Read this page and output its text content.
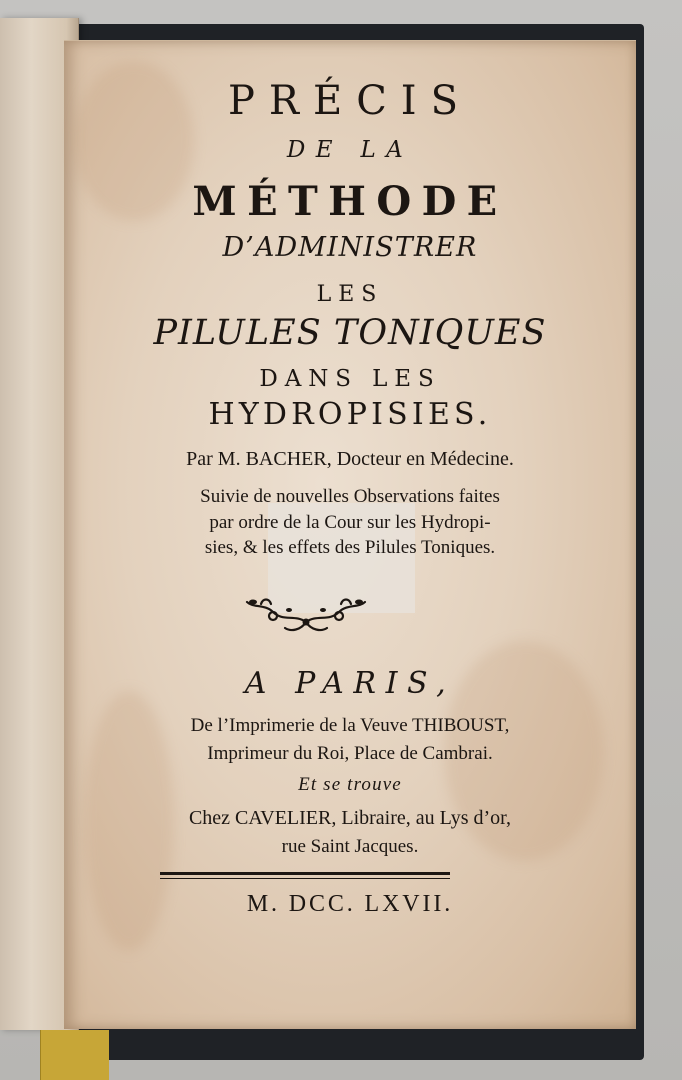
PRÉCIS
DE LA
MÉTHODE
D’ADMINISTRER
LES
PILULES TONIQUES
DANS LES
HYDROPISIES.
Par M. BACHER, Docteur en Médecine.
Suivie de nouvelles Observations faites
par ordre de la Cour sur les Hydropi-
sies, & les effets des Pilules Toniques.
A PARIS,
De l’Imprimerie de la Veuve THIBOUST,
Imprimeur du Roi, Place de Cambrai.
Et se trouve
Chez CAVELIER, Libraire, au Lys d’or,
rue Saint Jacques.
M. DCC. LXVII.
